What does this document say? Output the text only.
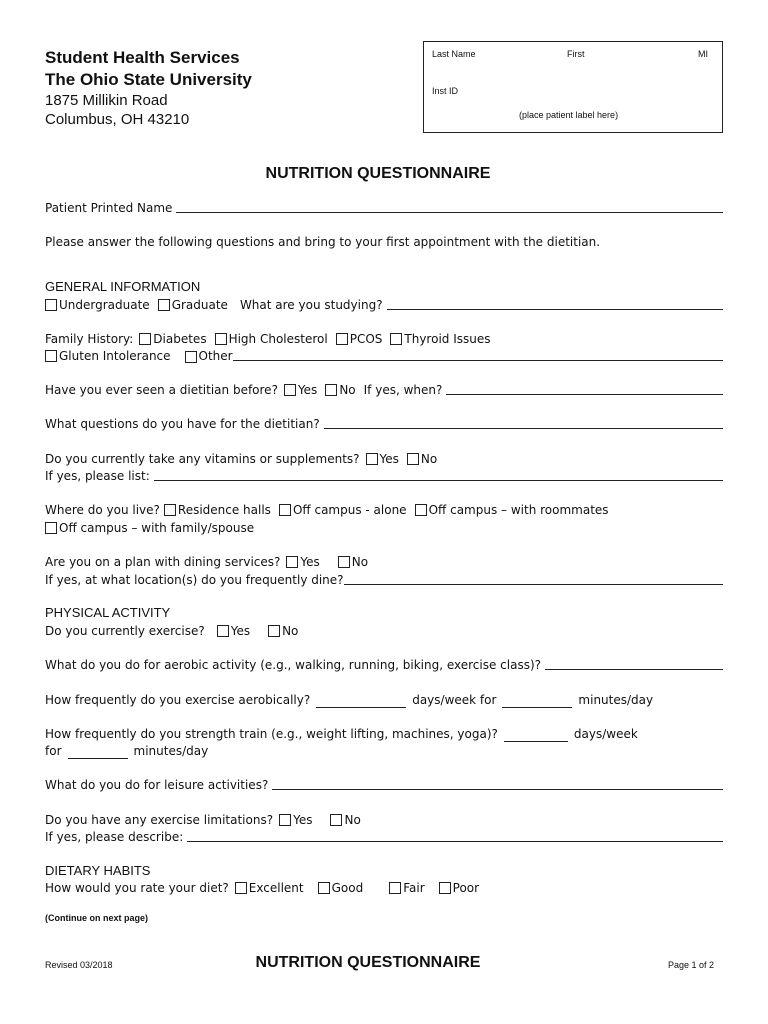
Student Health Services
The Ohio State University
1875 Millikin Road
Columbus, OH 43210
Last Name	First	MI
Inst ID
(place patient label here)
NUTRITION QUESTIONNAIRE
Patient Printed Name
Please answer the following questions and bring to your first appointment with the dietitian.
GENERAL INFORMATION
Undergraduate Graduate What are you studying?
Family History: Diabetes High Cholesterol PCOS Thyroid Issues
Gluten Intolerance Other
Have you ever seen a dietitian before? Yes No If yes, when?
What questions do you have for the dietitian?
Do you currently take any vitamins or supplements? Yes No
If yes, please list:
Where do you live? Residence halls Off campus - alone Off campus – with roommates
Off campus – with family/spouse
Are you on a plan with dining services? Yes	No
If yes, at what location(s) do you frequently dine?
PHYSICAL ACTIVITY
Do you currently exercise? Yes	No
What do you do for aerobic activity (e.g., walking, running, biking, exercise class)?
How frequently do you exercise aerobically?	days/week for	minutes/day
How frequently do you strength train (e.g., weight lifting, machines, yoga)?	days/week
for	minutes/day
What do you do for leisure activities?
Do you have any exercise limitations? Yes	No
If yes, please describe:
DIETARY HABITS
How would you rate your diet? Excellent Good	Fair Poor
(Continue on next page)
Revised 03/2018	NUTRITION QUESTIONNAIRE	Page 1 of 2
